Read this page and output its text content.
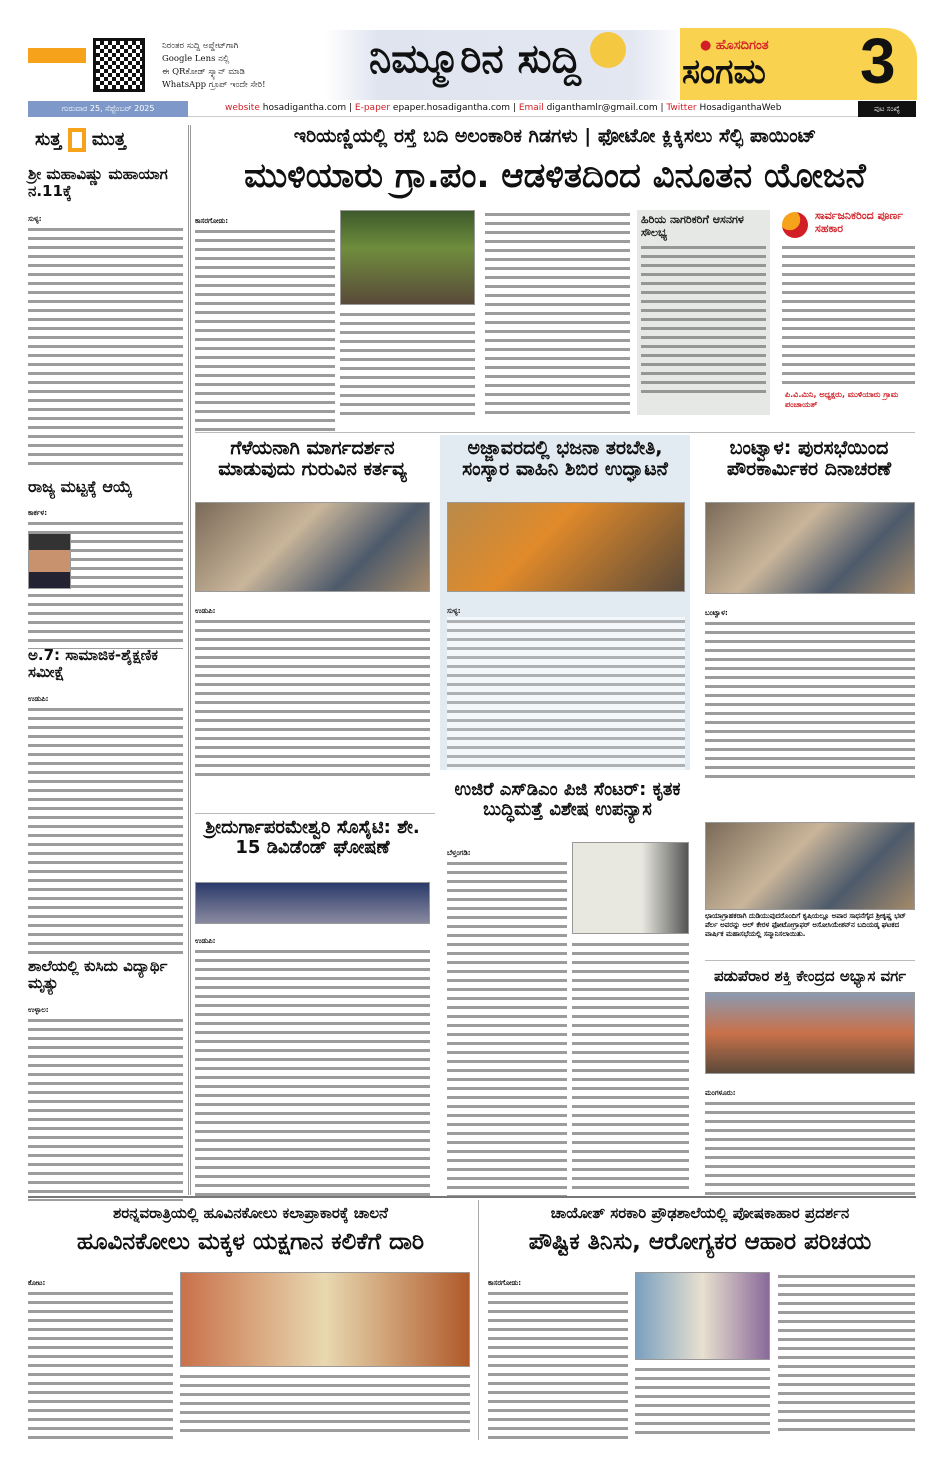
ನಿರಂತರ ಸುದ್ದಿ ಅಪ್ಡೇಟ್‌ಗಾಗಿ
Google Lens ನಲ್ಲಿ
ಈ QRಕೋಡ್ ಸ್ಕ್ಯಾನ್ ಮಾಡಿ
WhatsApp ಗ್ರೂಪ್ ಇಂದೇ ಸೇರಿ!
ನಿಮ್ಮೂರಿನ ಸುದ್ದಿ	● ಹೊಸದಿಗಂತ
ಸಂಗಮ 3
ಗುರುವಾರ 25, ಸೆಪ್ಟೆಂಬರ್ 2025	website hosadigantha.com | E-paper epaper.hosadigantha.com | Email diganthamlr@gmail.com | Twitter HosadiganthaWeb	ಪುಟ ಸಂಖ್ಯೆ
ಸುತ್ತ ಮುತ್ತ
ಶ್ರೀ ಮಹಾವಿಷ್ಣು ಮಹಾಯಾಗ ನ.11ಕ್ಕೆ
ಸುಳ್ಯ:
ರಾಜ್ಯ ಮಟ್ಟಕ್ಕೆ ಆಯ್ಕೆ
ಕಾರ್ಕಳ:
ಅ.7: ಸಾಮಾಜಿಕ-ಶೈಕ್ಷಣಿಕ ಸಮೀಕ್ಷೆ
ಉಡುಪಿ:
ಶಾಲೆಯಲ್ಲಿ ಕುಸಿದು ವಿದ್ಯಾರ್ಥಿ ಮೃತ್ಯು
ಉಳ್ಳಾಲ:
ಇರಿಯಣ್ಣಿಯಲ್ಲಿ ರಸ್ತೆ ಬದಿ ಅಲಂಕಾರಿಕ ಗಿಡಗಳು | ಫೋಟೋ ಕ್ಲಿಕ್ಕಿಸಲು ಸೆಲ್ಫಿ ಪಾಯಿಂಟ್
ಮುಳಿಯಾರು ಗ್ರಾ.ಪಂ. ಆಡಳಿತದಿಂದ ವಿನೂತನ ಯೋಜನೆ
ಕಾಸರಗೋಡು:	ಹಿರಿಯ ನಾಗರಿಕರಿಗೆ ಆಸನಗಳ ಸೌಲಭ್ಯ
ಸಾರ್ವಜನಿಕರಿಂದ ಪೂರ್ಣ ಸಹಕಾರ
ಪಿ.ವಿ.ಮಿನಿ, ಅಧ್ಯಕ್ಷರು, ಮುಳಿಯಾರು ಗ್ರಾಮ ಪಂಚಾಯತ್
ಗೆಳೆಯನಾಗಿ ಮಾರ್ಗದರ್ಶನ ಮಾಡುವುದು ಗುರುವಿನ ಕರ್ತವ್ಯ
ಉಡುಪಿ:
ಅಜ್ಜಾವರದಲ್ಲಿ ಭಜನಾ ತರಬೇತಿ, ಸಂಸ್ಕಾರ ವಾಹಿನಿ ಶಿಬಿರ ಉದ್ಘಾಟನೆ
ಸುಳ್ಯ:
ಬಂಟ್ವಾಳ: ಪುರಸಭೆಯಿಂದ ಪೌರಕಾರ್ಮಿಕರ ದಿನಾಚರಣೆ
ಬಂಟ್ವಾಳ:
ಶ್ರೀದುರ್ಗಾಪರಮೇಶ್ವರಿ ಸೊಸೈಟಿ: ಶೇ. 15 ಡಿವಿಡೆಂಡ್ ಘೋಷಣೆ
ಉಡುಪಿ:
ಉಜಿರೆ ಎಸ್‌ಡಿಎಂ ಪಿಜಿ ಸೆಂಟರ್: ಕೃತಕ ಬುದ್ಧಿಮತ್ತೆ ವಿಶೇಷ ಉಪನ್ಯಾಸ
ಬೆಳ್ತಂಗಡಿ:
ಛಾಯಾಗ್ರಾಹಕರಾಗಿ ದುಡಿಯುವುದರೊಂದಿಗೆ ಕೃಷಿಯಲ್ಲೂ ಅಪಾರ ಸಾಧನೆಗೈದ ಶ್ರೀಕೃಷ್ಣ ಭಟ್ ಪೆರ್ಲ ಅವರನ್ನು ಆಲ್ ಕೇರಳ ಫೋಟೋಗ್ರಾಫರ್ ಅಸೋಸಿಯೇಶನ್‌ನ ಬದಿಯಡ್ಕ ಘಟಕದ ವಾರ್ಷಿಕ ಮಹಾಸಭೆಯಲ್ಲಿ ಸನ್ಮಾನಿಸಲಾಯಿತು.
ಪಡುಪೆರಾರ ಶಕ್ತಿ ಕೇಂದ್ರದ ಅಭ್ಯಾಸ ವರ್ಗ
ಮಂಗಳೂರು:
ಶರನ್ನವರಾತ್ರಿಯಲ್ಲಿ ಹೂವಿನಕೋಲು ಕಲಾಪ್ರಾಕಾರಕ್ಕೆ ಚಾಲನೆ
ಹೂವಿನಕೋಲು ಮಕ್ಕಳ ಯಕ್ಷಗಾನ ಕಲಿಕೆಗೆ ದಾರಿ
ಕೋಟ:
ಚಾಯೋತ್ ಸರಕಾರಿ ಪ್ರೌಢಶಾಲೆಯಲ್ಲಿ ಪೋಷಕಾಹಾರ ಪ್ರದರ್ಶನ
ಪೌಷ್ಟಿಕ ತಿನಿಸು, ಆರೋಗ್ಯಕರ ಆಹಾರ ಪರಿಚಯ
ಕಾಸರಗೋಡು:
